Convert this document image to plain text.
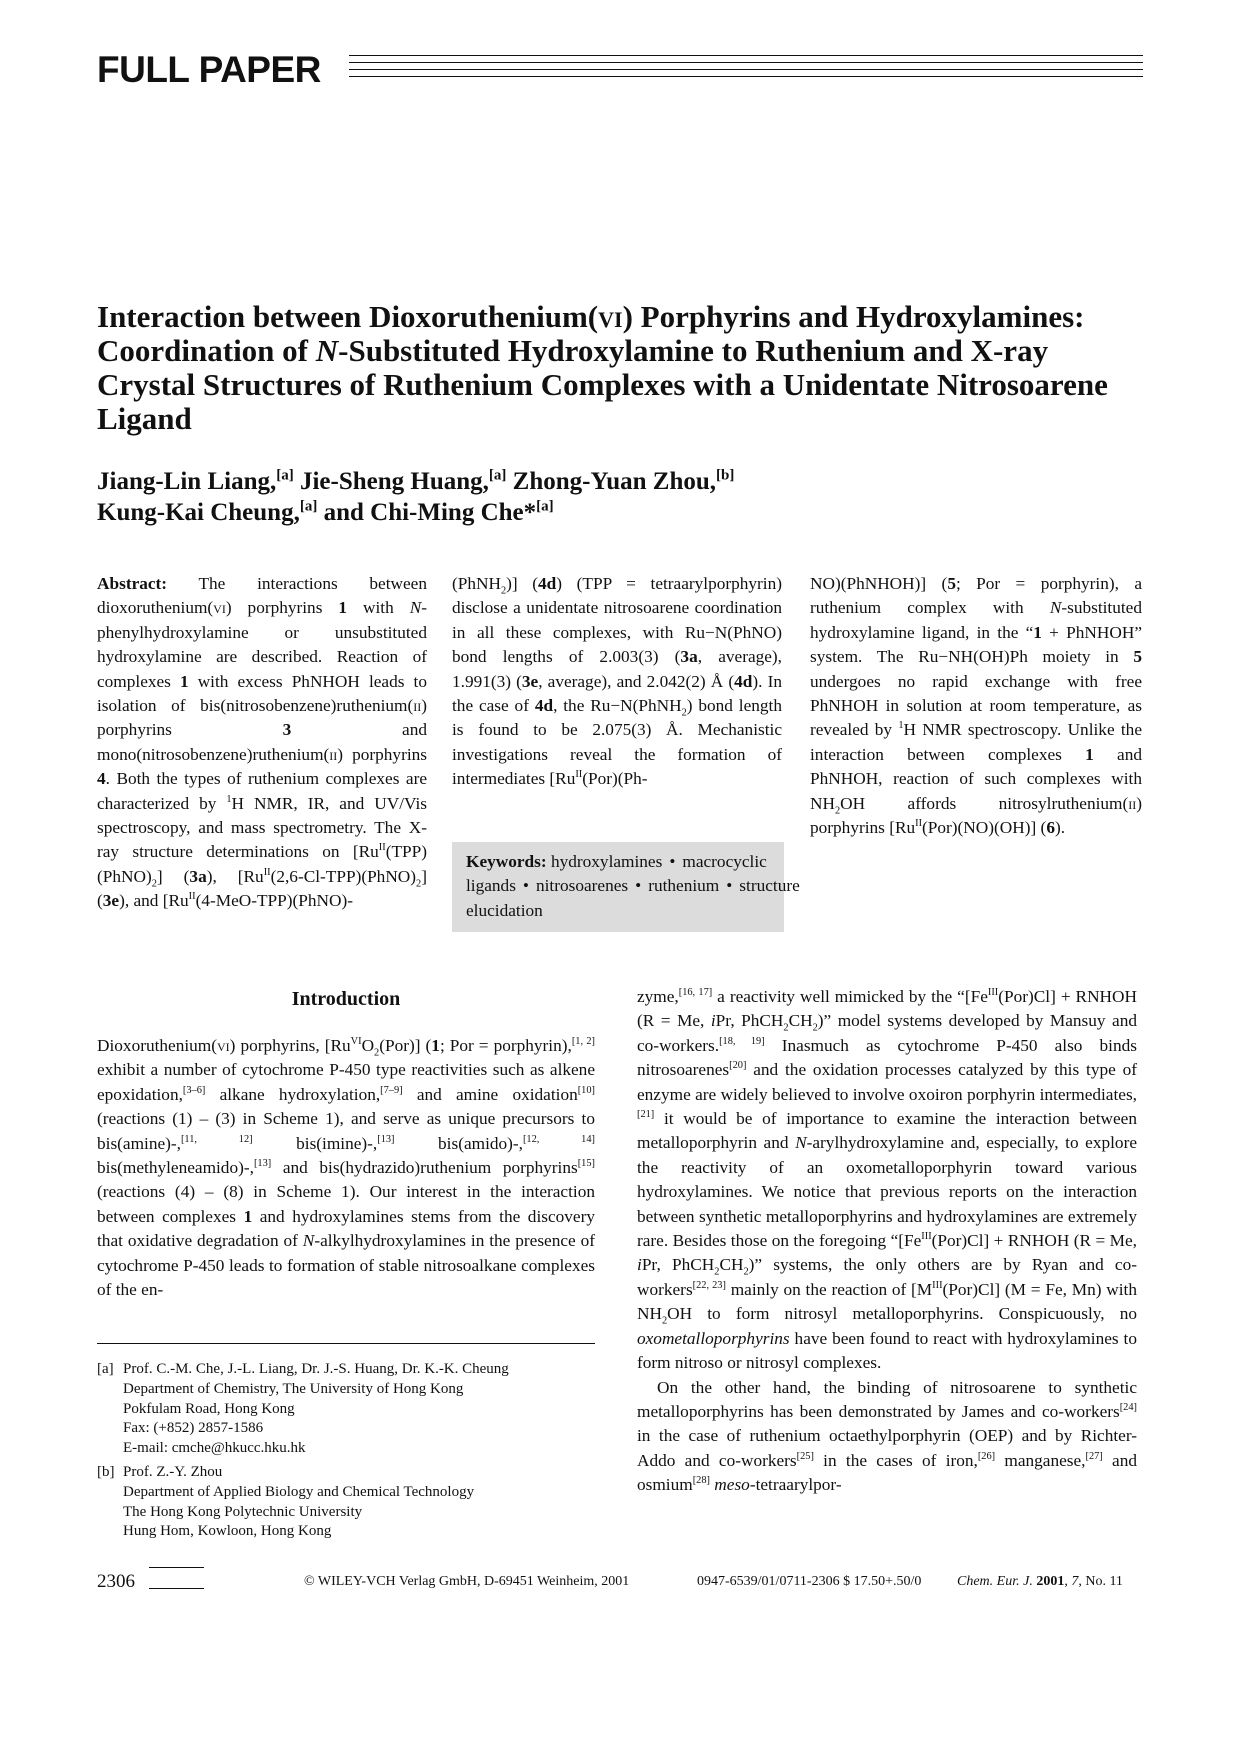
FULL PAPER
Interaction between Dioxoruthenium(vi) Porphyrins and Hydroxylamines: Coordination of N-Substituted Hydroxylamine to Ruthenium and X-ray Crystal Structures of Ruthenium Complexes with a Unidentate Nitrosoarene Ligand

Jiang-Lin Liang,[a] Jie-Sheng Huang,[a] Zhong-Yuan Zhou,[b]
Kung-Kai Cheung,[a] and Chi-Ming Che*[a]

Abstract: The interactions between dioxoruthenium(vi) porphyrins 1 with N-phenylhydroxylamine or unsubstituted hydroxylamine are described. Reaction of complexes 1 with excess PhNHOH leads to isolation of bis(nitrosobenzene)ruthenium(ii) porphyrins 3 and mono(nitrosobenzene)ruthenium(ii) porphyrins 4. Both the types of ruthenium complexes are characterized by $^1$H NMR, IR, and UV/Vis spectroscopy, and mass spectrometry. The X-ray structure determinations on $[Ru^{II}(TPP)(PhNO)_2]$ (3a), $[Ru^{II}(2,6-Cl-TPP)(PhNO)_2]$ (3e), and [$Ru^{II}(4-MeO-TPP)(PhNO)-$

(PhNH$_2$)] (4d) (TPP = tetraarylporphyrin) disclose a unidentate nitrosoarene coordination in all these complexes, with Ru−N(PhNO) bond lengths of 2.003(3) (3a, average), 1.991(3) (3e, average), and 2.042(2) Å (4d). In the case of 4d, the Ru−N(PhNH$_2$) bond length is found to be 2.075(3) Å. Mechanistic investigations reveal the formation of intermediates [$Ru^{II}(Por)(Ph-$

Keywords: hydroxylamines • macrocyclic ligands • nitrosoarenes • ruthenium • structure elucidation

NO)(PhNHOH)] (5; Por = porphyrin), a ruthenium complex with N-substituted hydroxylamine ligand, in the “1 + PhNHOH” system. The Ru−NH(OH)Ph moiety in 5 undergoes no rapid exchange with free PhNHOH in solution at room temperature, as revealed by $^1$H NMR spectroscopy. Unlike the interaction between complexes 1 and PhNHOH, reaction of such complexes with $NH_2OH$ affords nitrosylruthenium(ii) porphyrins $[Ru^{II}(Por)(NO)(OH)]$ (6).

Introduction

Dioxoruthenium(vi) porphyrins, $[Ru^{VI}O_2(Por)]$ (1; Por = porphyrin),[1, 2] exhibit a number of cytochrome P-450 type reactivities such as alkene epoxidation,[3–6] alkane hydroxylation,[7–9] and amine oxidation[10] (reactions (1) – (3) in Scheme 1), and serve as unique precursors to bis(amine)-,[11, 12] bis(imine)-,[13] bis(amido)-,[12, 14] bis(methyleneamido)-,[13] and bis(hydrazido)ruthenium porphyrins[15] (reactions (4) – (8) in Scheme 1). Our interest in the interaction between complexes 1 and hydroxylamines stems from the discovery that oxidative degradation of N-alkylhydroxylamines in the presence of cytochrome P-450 leads to formation of stable nitrosoalkane complexes of the en-

[a] Prof. C.-M. Che, J.-L. Liang, Dr. J.-S. Huang, Dr. K.-K. Cheung
Department of Chemistry, The University of Hong Kong
Pokfulam Road, Hong Kong
Fax: (+852) 2857-1586
E-mail: cmche@hkucc.hku.hk
[b] Prof. Z.-Y. Zhou
Department of Applied Biology and Chemical Technology
The Hong Kong Polytechnic University
Hung Hom, Kowloon, Hong Kong

zyme,[16, 17] a reactivity well mimicked by the “$[Fe^{III}(Por)Cl]$ + RNHOH (R = Me, iPr, $PhCH_2CH_2$)” model systems developed by Mansuy and co-workers.[18, 19] Inasmuch as cytochrome P-450 also binds nitrosoarenes[20] and the oxidation processes catalyzed by this type of enzyme are widely believed to involve oxoiron porphyrin intermediates,[21] it would be of importance to examine the interaction between metalloporphyrin and N-arylhydroxylamine and, especially, to explore the reactivity of an oxometalloporphyrin toward various hydroxylamines. We notice that previous reports on the interaction between synthetic metalloporphyrins and hydroxylamines are extremely rare. Besides those on the foregoing “$[Fe^{III}(Por)Cl]$ + RNHOH (R = Me, iPr, $PhCH_2CH_2$)” systems, the only others are by Ryan and co-workers[22, 23] mainly on the reaction of $[M^{III}(Por)Cl] (M = Fe$, Mn) with $NH_2OH$ to form nitrosyl metalloporphyrins. Conspicuously, no oxometalloporphyrins have been found to react with hydroxylamines to form nitroso or nitrosyl complexes.

On the other hand, the binding of nitrosoarene to synthetic metalloporphyrins has been demonstrated by James and co-workers[24] in the case of ruthenium octaethylporphyrin (OEP) and by Richter-Addo and co-workers[25] in the cases of iron,[26] manganese,[27] and osmium[28] meso-tetraarylpor-

2306	© WILEY-VCH Verlag GmbH, D-69451 Weinheim, 2001	0947-6539/01/0711-2306 $ 17.50+.50/0	Chem. Eur. J. 2001, 7, No. 11
